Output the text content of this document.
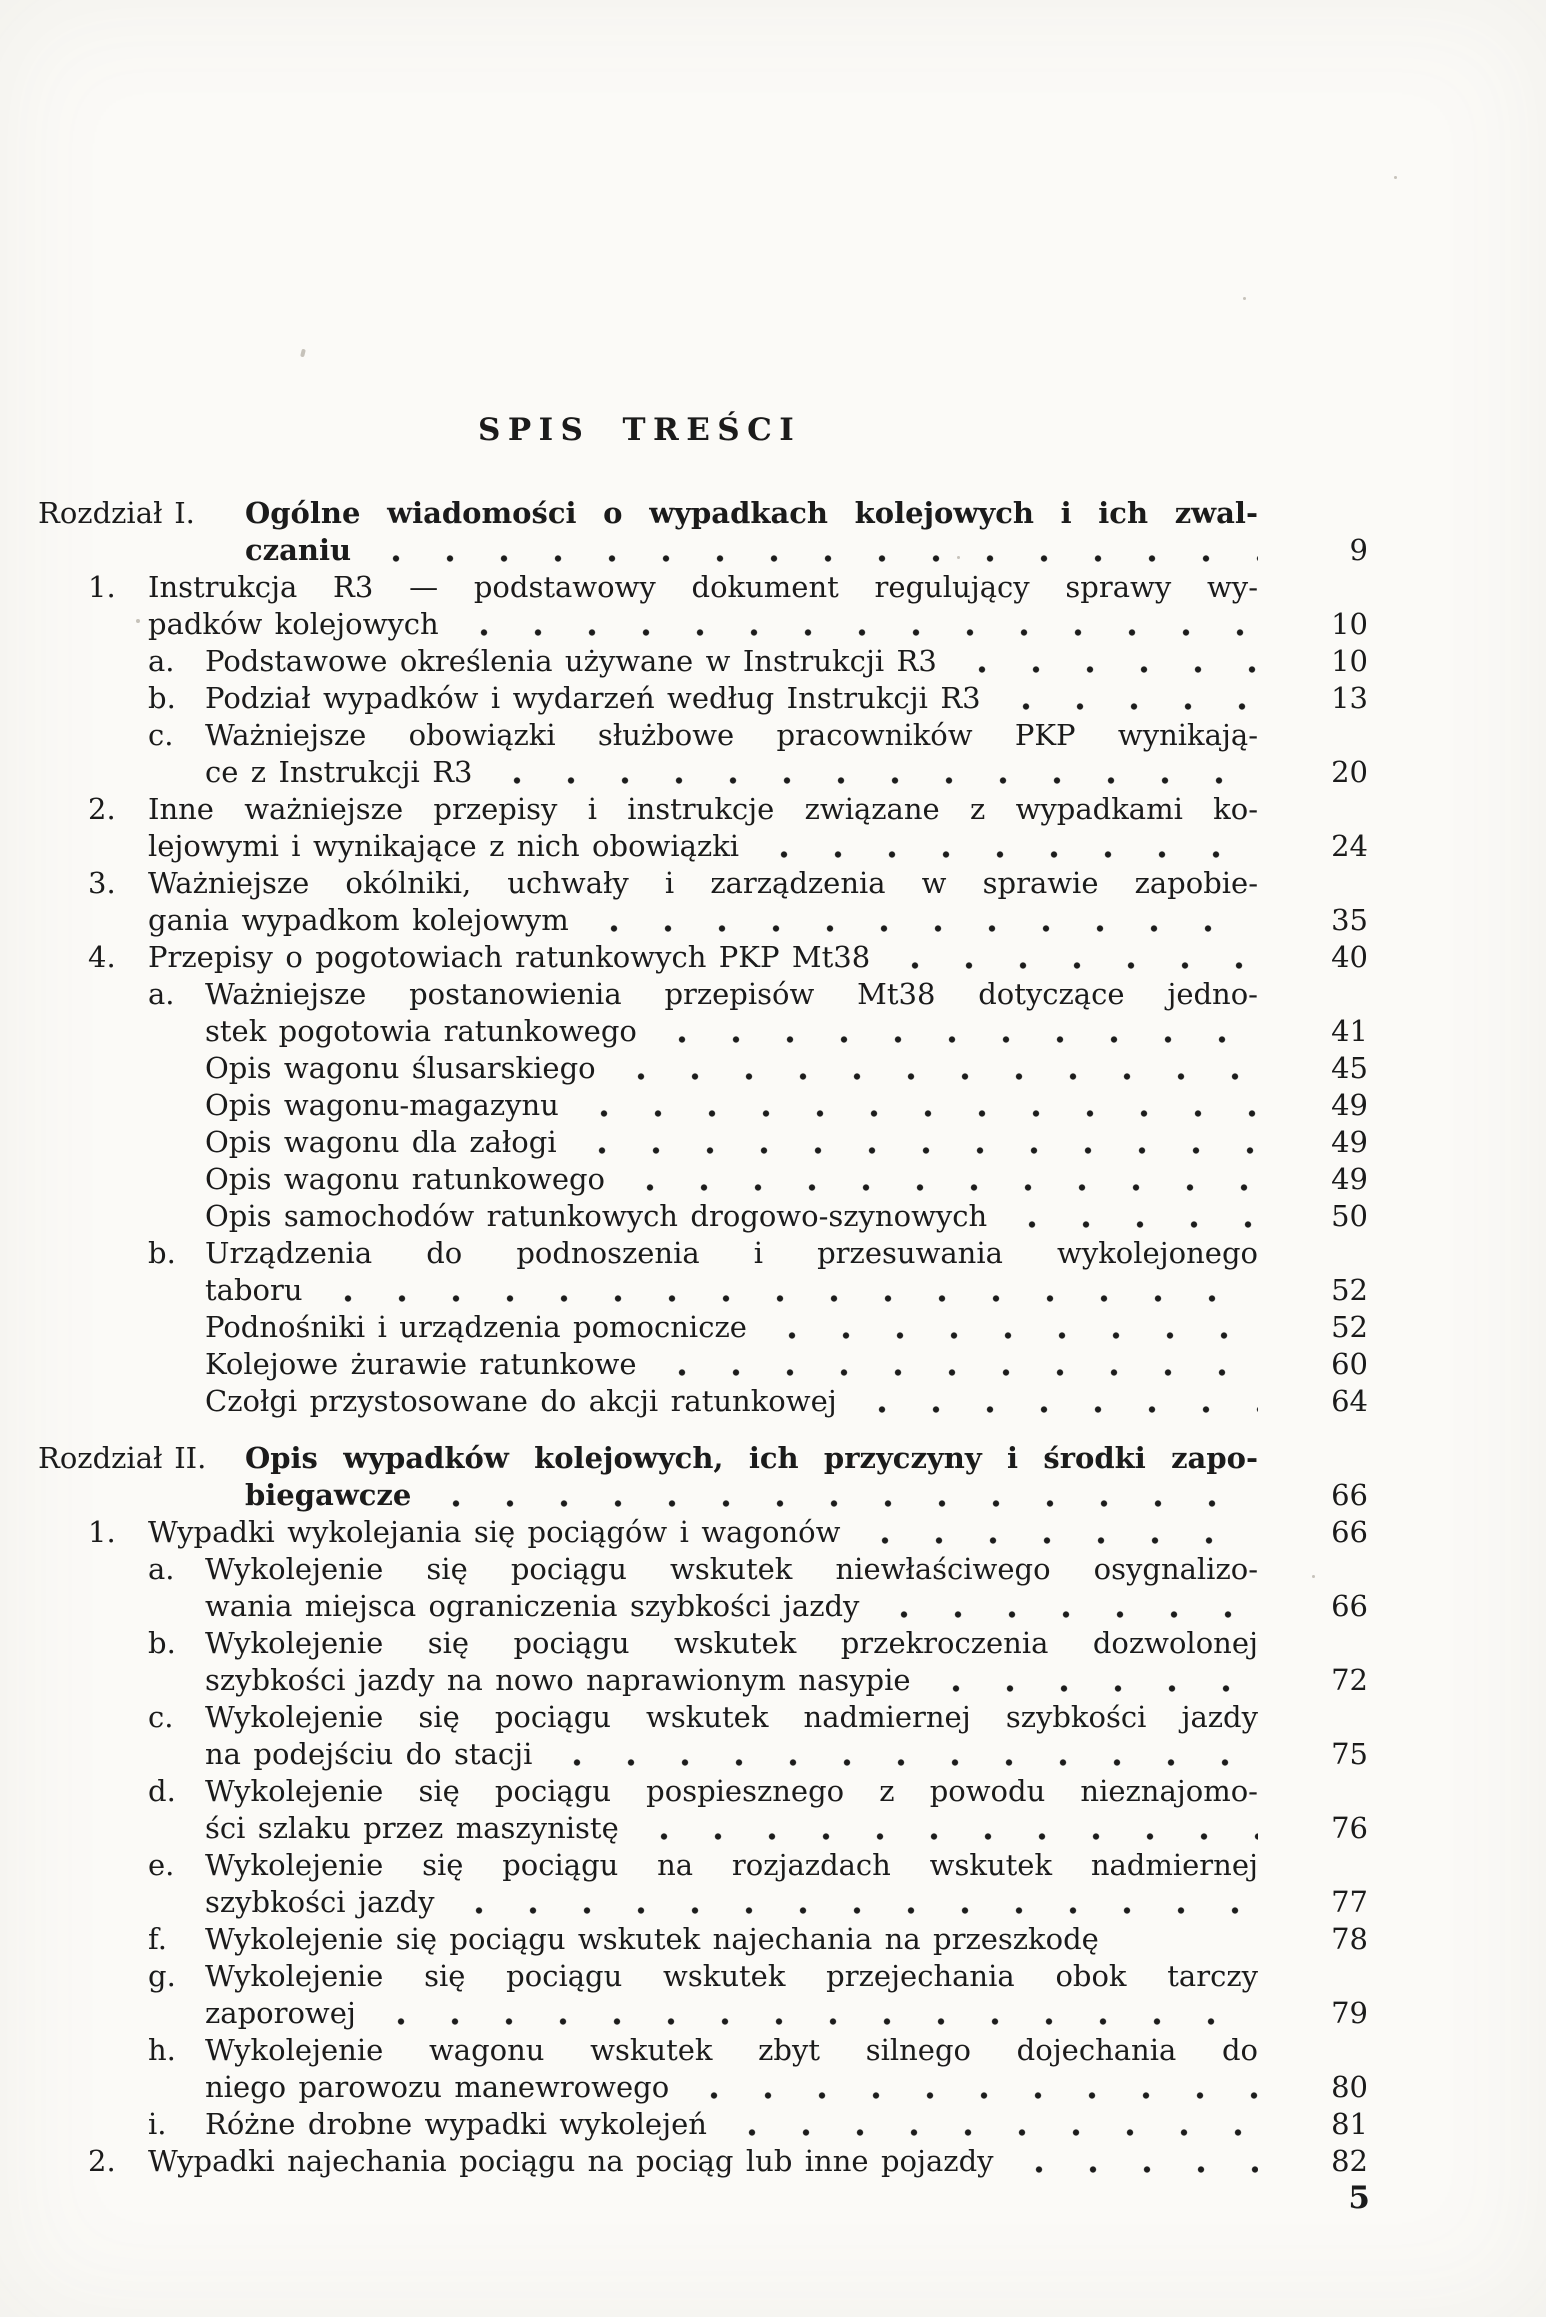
SPIS TREŚCI
Rozdział I.	Ogólne wiadomości o wypadkach kolejowych i ich zwal-
czaniu	9
1.	Instrukcja R3 — podstawowy dokument regulujący sprawy wy-
padków kolejowych	10
a.	Podstawowe określenia używane w Instrukcji R3	10
b.	Podział wypadków i wydarzeń według Instrukcji R3	13
c.	Ważniejsze obowiązki służbowe pracowników PKP wynikają-
ce z Instrukcji R3	20
2.	Inne ważniejsze przepisy i instrukcje związane z wypadkami ko-
lejowymi i wynikające z nich obowiązki	24
3.	Ważniejsze okólniki, uchwały i zarządzenia w sprawie zapobie-
gania wypadkom kolejowym	35
4.	Przepisy o pogotowiach ratunkowych PKP Mt38	40
a.	Ważniejsze postanowienia przepisów Mt38 dotyczące jedno-
stek pogotowia ratunkowego	41
Opis wagonu ślusarskiego	45
Opis wagonu-magazynu	49
Opis wagonu dla załogi	49
Opis wagonu ratunkowego	49
Opis samochodów ratunkowych drogowo-szynowych	50
b.	Urządzenia do podnoszenia i przesuwania wykolejonego
taboru	52
Podnośniki i urządzenia pomocnicze	52
Kolejowe żurawie ratunkowe	60
Czołgi przystosowane do akcji ratunkowej	64
Rozdział II.	Opis wypadków kolejowych, ich przyczyny i środki zapo-
biegawcze	66
1.	Wypadki wykolejania się pociągów i wagonów	66
a.	Wykolejenie się pociągu wskutek niewłaściwego osygnalizo-
wania miejsca ograniczenia szybkości jazdy	66
b.	Wykolejenie się pociągu wskutek przekroczenia dozwolonej
szybkości jazdy na nowo naprawionym nasypie	72
c.	Wykolejenie się pociągu wskutek nadmiernej szybkości jazdy
na podejściu do stacji	75
d.	Wykolejenie się pociągu pospiesznego z powodu nieznajomo-
ści szlaku przez maszynistę	76
e.	Wykolejenie się pociągu na rozjazdach wskutek nadmiernej
szybkości jazdy	77
f.	Wykolejenie się pociągu wskutek najechania na przeszkodę	78
g.	Wykolejenie się pociągu wskutek przejechania obok tarczy
zaporowej	79
h.	Wykolejenie wagonu wskutek zbyt silnego dojechania do
niego parowozu manewrowego	80
i.	Różne drobne wypadki wykolejeń	81
2.	Wypadki najechania pociągu na pociąg lub inne pojazdy	82
5
